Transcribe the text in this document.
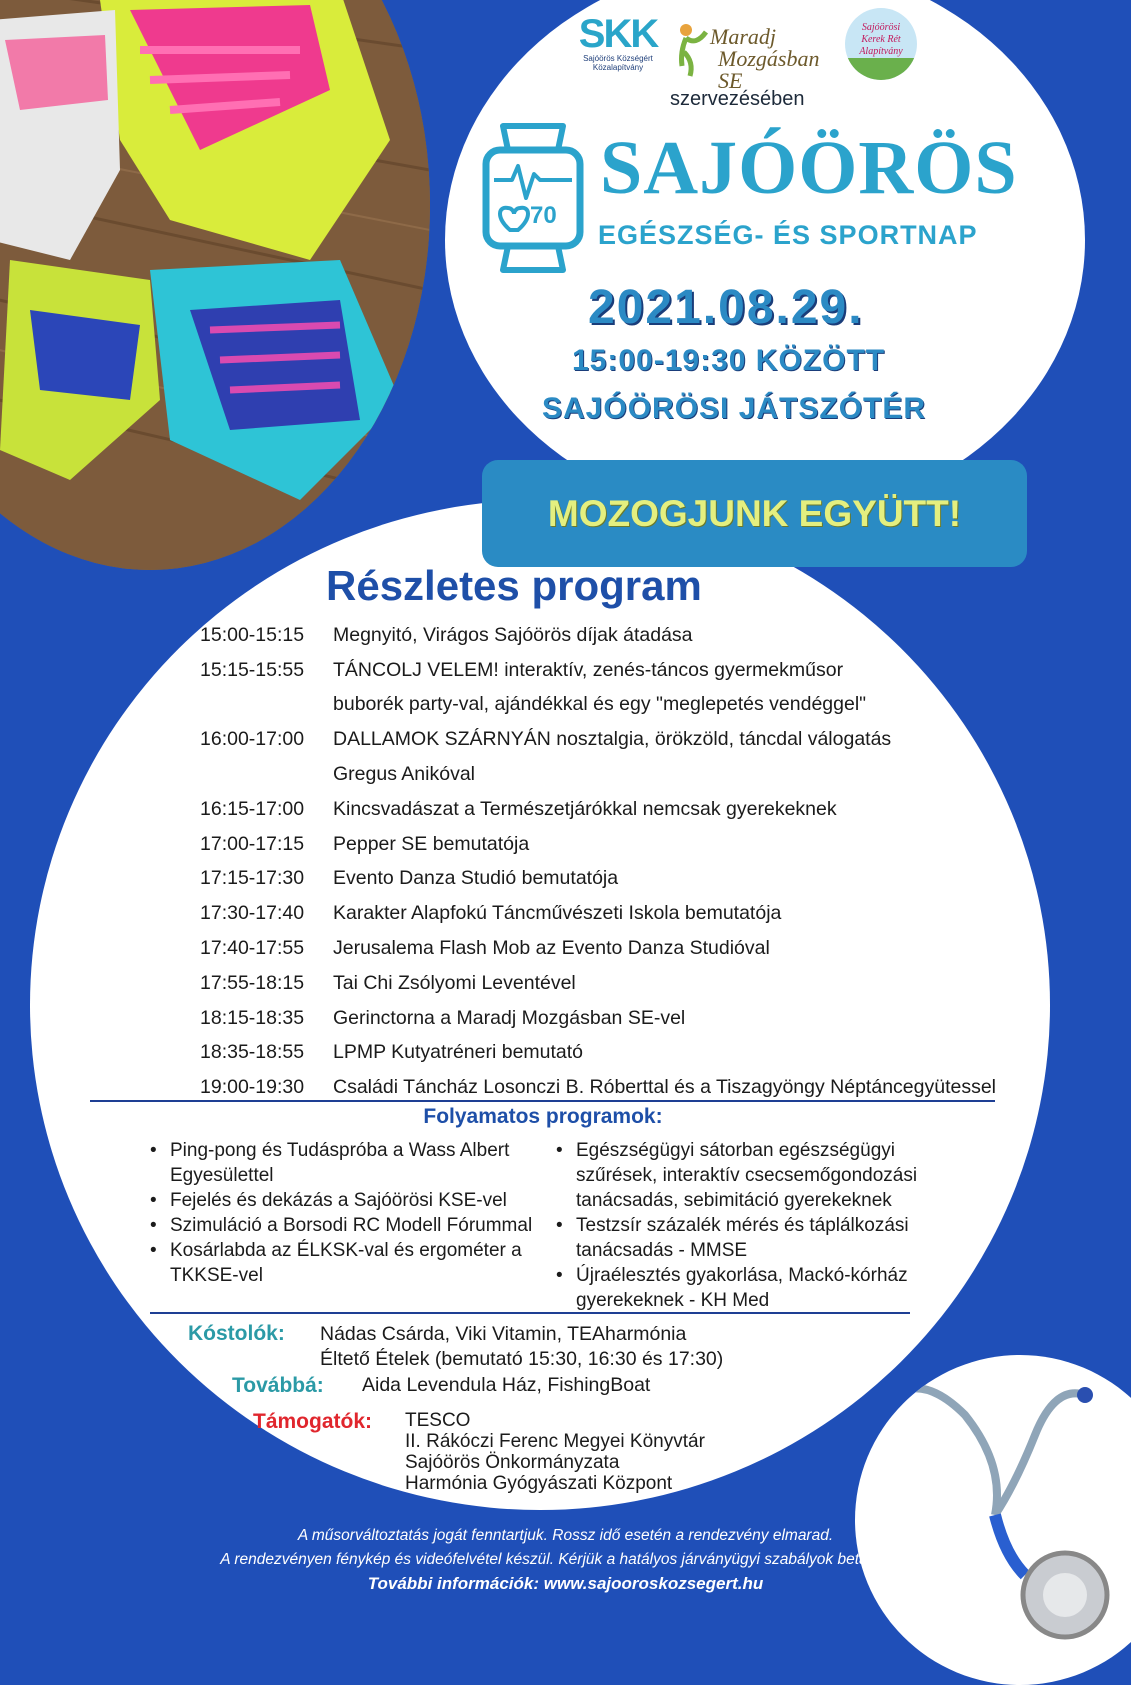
SKK
Sajóörös Községért
Közalapítvány
Maradj
Mozgásban SE
Sajóörösi
Kerek Rét
Alapítvány
szervezésében
70
SAJÓÖRÖS
EGÉSZSÉG- ÉS SPORTNAP
2021.08.29.
15:00-19:30 KÖZÖTT
SAJÓÖRÖSI JÁTSZÓTÉR
MOZOGJUNK EGYÜTT!
Részletes program
15:00-15:15	Megnyitó, Virágos Sajóörös díjak átadása
15:15-15:55	TÁNCOLJ VELEM! interaktív, zenés-táncos gyermekműsor
buborék party-val, ajándékkal és egy "meglepetés vendéggel"
16:00-17:00	DALLAMOK SZÁRNYÁN nosztalgia, örökzöld, táncdal válogatás
Gregus Anikóval
16:15-17:00	Kincsvadászat a Természetjárókkal nemcsak gyerekeknek
17:00-17:15	Pepper SE bemutatója
17:15-17:30	Evento Danza Studió bemutatója
17:30-17:40	Karakter Alapfokú Táncművészeti Iskola bemutatója
17:40-17:55	Jerusalema Flash Mob az Evento Danza Studióval
17:55-18:15	Tai Chi Zsólyomi Leventével
18:15-18:35	Gerinctorna a Maradj Mozgásban SE-vel
18:35-18:55	LPMP Kutyatréneri bemutató
19:00-19:30	Családi Táncház Losonczi B. Róberttal és a Tiszagyöngy Néptáncegyütessel
Folyamatos programok:
• Ping-pong és Tudáspróba a Wass Albert Egyesülettel
• Fejelés és dekázás a Sajóörösi KSE-vel
• Szimuláció a Borsodi RC Modell Fórummal
• Kosárlabda az ÉLKSK-val és ergométer a TKKSE-vel
• Egészségügyi sátorban egészségügyi szűrések, interaktív csecsemőgondozási tanácsadás, sebimitáció gyerekeknek
• Testzsír százalék mérés és táplálkozási tanácsadás - MMSE
• Újraélesztés gyakorlása, Mackó-kórház gyerekeknek - KH Med
Kóstolók: Nádas Csárda, Viki Vitamin, TEAharmónia
Éltető Ételek (bemutató 15:30, 16:30 és 17:30)
Továbbá: Aida Levendula Ház, FishingBoat
Támogatók: TESCO
II. Rákóczi Ferenc Megyei Könyvtár
Sajóörös Önkormányzata
Harmónia Gyógyászati Központ
A műsorváltoztatás jogát fenntartjuk. Rossz idő esetén a rendezvény elmarad.
A rendezvényen fénykép és videófelvétel készül. Kérjük a hatályos járványügyi szabályok betartását.
További információk: www.sajooroskozsegert.hu
